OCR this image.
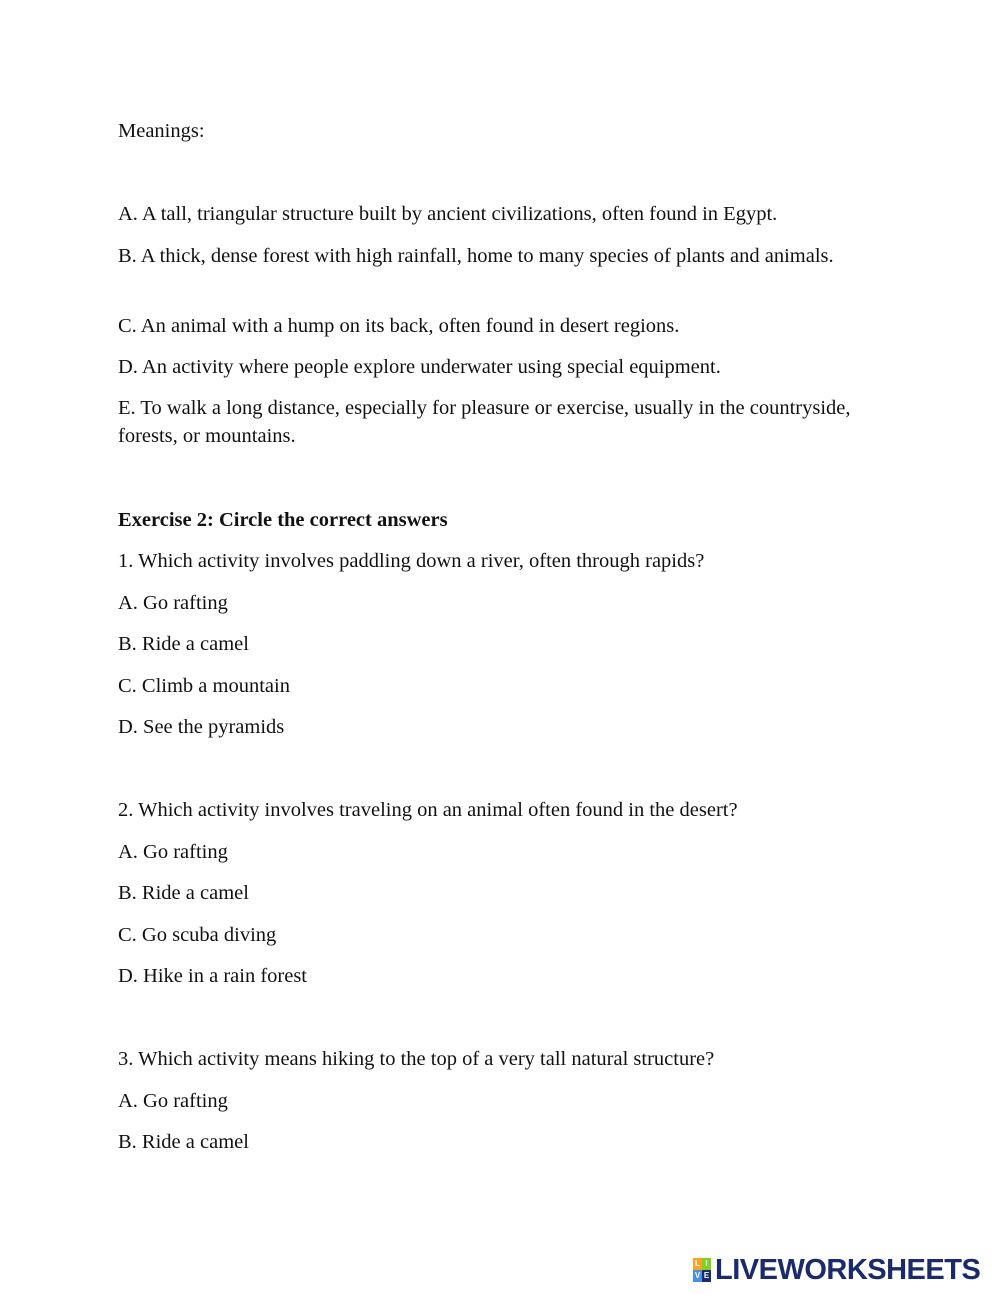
Meanings:
A. A tall, triangular structure built by ancient civilizations, often found in Egypt.
B. A thick, dense forest with high rainfall, home to many species of plants and animals.
C. An animal with a hump on its back, often found in desert regions.
D. An activity where people explore underwater using special equipment.
E. To walk a long distance, especially for pleasure or exercise, usually in the countryside, forests, or mountains.
Exercise 2: Circle the correct answers
1. Which activity involves paddling down a river, often through rapids?
A. Go rafting
B. Ride a camel
C. Climb a mountain
D. See the pyramids
2. Which activity involves traveling on an animal often found in the desert?
A. Go rafting
B. Ride a camel
C. Go scuba diving
D. Hike in a rain forest
3. Which activity means hiking to the top of a very tall natural structure?
A. Go rafting
B. Ride a camel
L I
V E LIVEWORKSHEETS
